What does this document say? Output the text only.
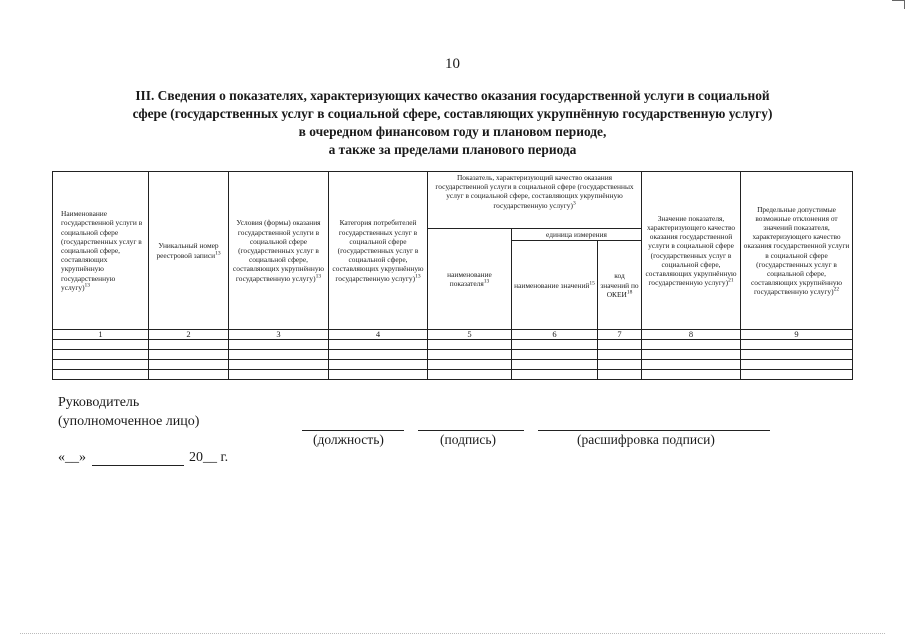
10
III. Сведения о показателях, характеризующих качество оказания государственной услуги в социальной
сфере (государственных услуг в социальной сфере, составляющих укрупнённую государственную услугу)
в очередном финансовом году и плановом периоде,
а также за пределами планового периода
Наименование государственной услуги в социальной сфере (государственных услуг в социальной сфере, составляющих укрупнённую государственную услугу)$^{13}$	Уникальный номер реестровой записи$^{13}$	Условия (формы) оказания государственной услуги в социальной сфере (государственных услуг в социальной сфере, составляющих укрупнённую государственную услугу)$^{13}$	Категория потребителей государственных услуг в социальной сфере (государственных услуг в социальной сфере, составляющих укрупнённую государственную услугу)$^{13}$	Показатель, характеризующий качество оказания государственной услуги в социальной сфере (государственных услуг в социальной сфере, составляющих укрупнённую государственную услугу)$^3$			Значение показателя, характеризующего качество оказания государственной услуги в социальной сфере (государственных услуг в социальной сфере, составляющих укрупнённую государственную услугу)$^{21}$	Предельные допустимые возможные отклонения от значений показателя, характеризующего качество оказания государственной услуги в социальной сфере (государственных услуг в социальной сфере, составляющих укрупнённую государственную услугу)$^{22}$
				наименование показателя$^{13}$	единица измерения			
					наименование значений$^{15}$	код значений по ОКЕИ$^{18}$
1	2	3	4	5	6	7	8	9

Руководитель
(уполномоченное лицо)
(должность)	(подпись)	(расшифровка подписи)
«__»	20__ г.
